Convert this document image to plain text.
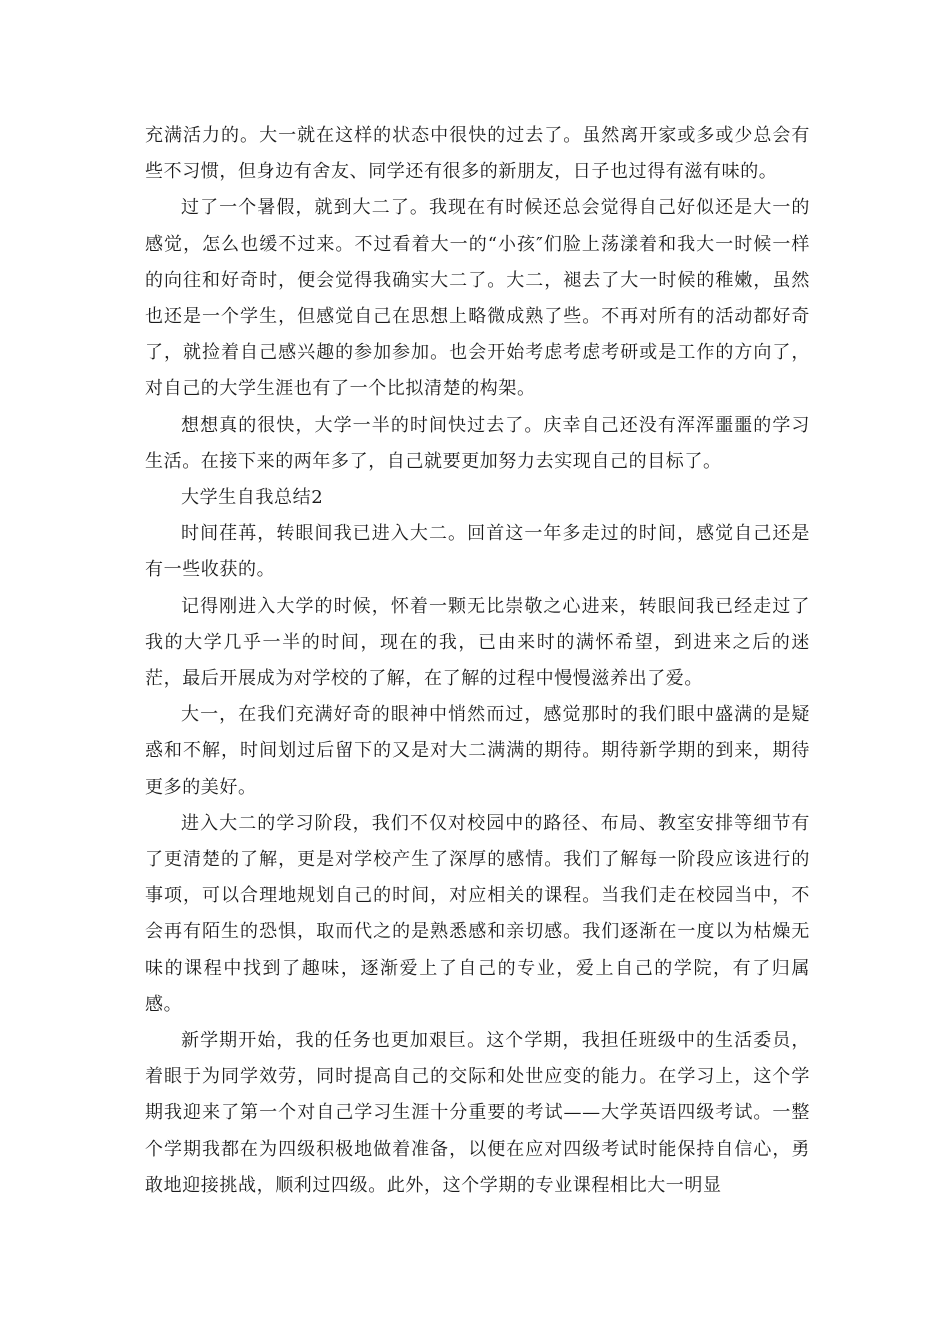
充满活力的。大一就在这样的状态中很快的过去了。虽然离开家或多或少总会有些不习惯，但身边有舍友、同学还有很多的新朋友，日子也过得有滋有味的。

过了一个暑假，就到大二了。我现在有时候还总会觉得自己好似还是大一的感觉，怎么也缓不过来。不过看着大一的“小孩″们脸上荡漾着和我大一时候一样的向往和好奇时，便会觉得我确实大二了。大二，褪去了大一时候的稚嫩，虽然也还是一个学生，但感觉自己在思想上略微成熟了些。不再对所有的活动都好奇了，就捡着自己感兴趣的参加参加。也会开始考虑考虑考研或是工作的方向了，对自己的大学生涯也有了一个比拟清楚的构架。

想想真的很快，大学一半的时间快过去了。庆幸自己还没有浑浑噩噩的学习生活。在接下来的两年多了，自己就要更加努力去实现自己的目标了。

大学生自我总结2

时间荏苒，转眼间我已进入大二。回首这一年多走过的时间，感觉自己还是有一些收获的。

记得刚进入大学的时候，怀着一颗无比崇敬之心进来，转眼间我已经走过了我的大学几乎一半的时间，现在的我，已由来时的满怀希望，到进来之后的迷茫，最后开展成为对学校的了解，在了解的过程中慢慢滋养出了爱。

大一，在我们充满好奇的眼神中悄然而过，感觉那时的我们眼中盛满的是疑惑和不解，时间划过后留下的又是对大二满满的期待。期待新学期的到来，期待更多的美好。

进入大二的学习阶段，我们不仅对校园中的路径、布局、教室安排等细节有了更清楚的了解，更是对学校产生了深厚的感情。我们了解每一阶段应该进行的事项，可以合理地规划自己的时间，对应相关的课程。当我们走在校园当中，不会再有陌生的恐惧，取而代之的是熟悉感和亲切感。我们逐渐在一度以为枯燥无味的课程中找到了趣味，逐渐爱上了自己的专业，爱上自己的学院，有了归属感。

新学期开始，我的任务也更加艰巨。这个学期，我担任班级中的生活委员，着眼于为同学效劳，同时提高自己的交际和处世应变的能力。在学习上，这个学期我迎来了第一个对自己学习生涯十分重要的考试——大学英语四级考试。一整个学期我都在为四级积极地做着准备，以便在应对四级考试时能保持自信心，勇敢地迎接挑战，顺利过四级。此外，这个学期的专业课程相比大一明显
